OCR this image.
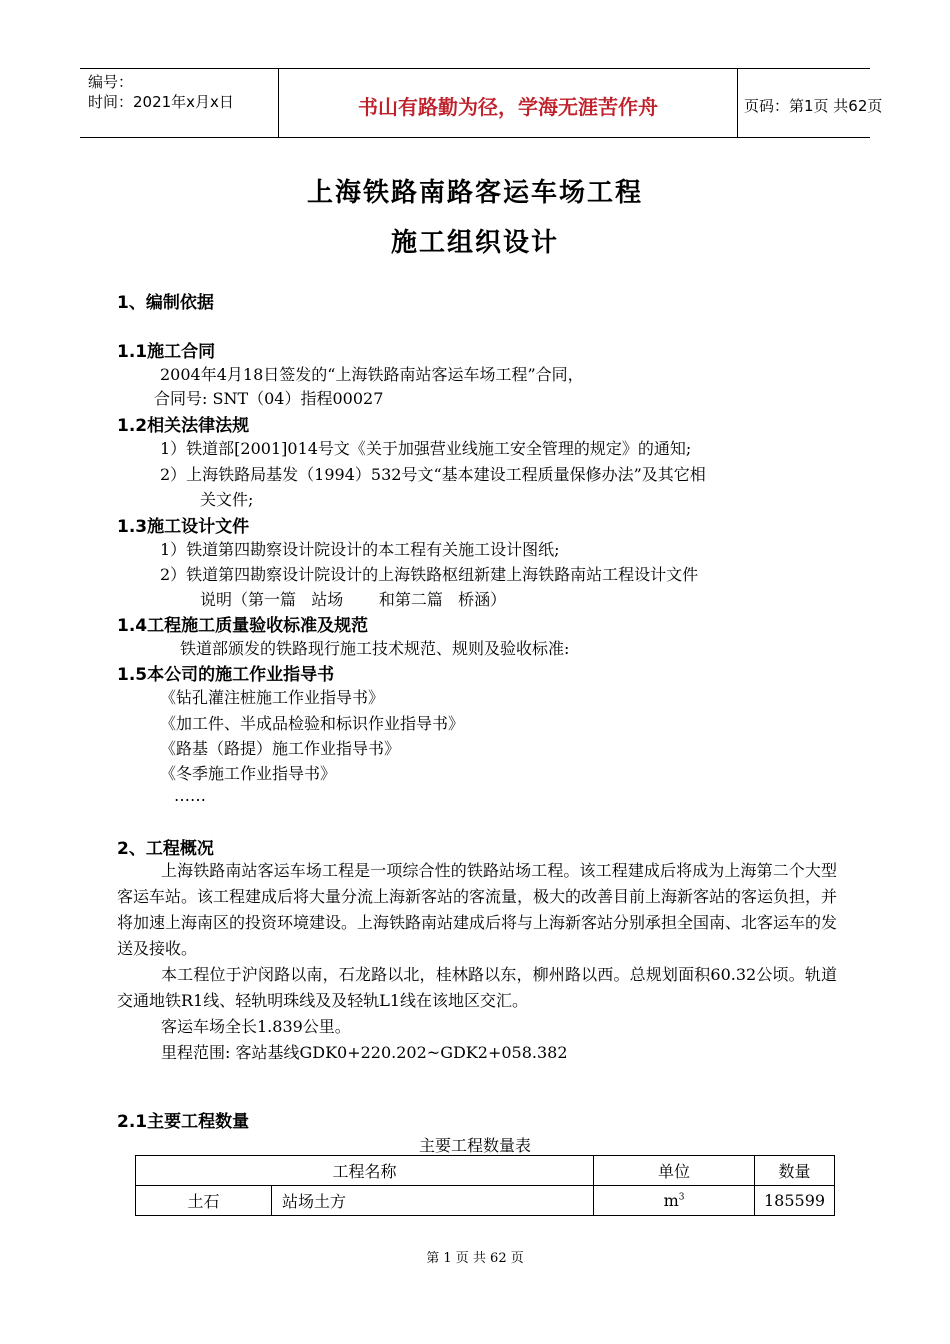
编号：
时间：2021年x月x日	书山有路勤为径，学海无涯苦作舟	页码：第1页 共62页
上海铁路南路客运车场工程
施工组织设计
1、编制依据
1.1施工合同
2004年4月18日签发的“上海铁路南站客运车场工程”合同，
合同号: SNT（04）指程00027
1.2相关法律法规
1）铁道部[2001]014号文《关于加强营业线施工安全管理的规定》的通知;
2）上海铁路局基发（1994）532号文“基本建设工程质量保修办法”及其它相
关文件;
1.3施工设计文件
1）铁道第四勘察设计院设计的本工程有关施工设计图纸;
2）铁道第四勘察设计院设计的上海铁路枢纽新建上海铁路南站工程设计文件
说明（第一篇   站场       和第二篇   桥涵）
1.4工程施工质量验收标准及规范
铁道部颁发的铁路现行施工技术规范、规则及验收标准:
1.5本公司的施工作业指导书
《钻孔灌注桩施工作业指导书》
《加工件、半成品检验和标识作业指导书》
《路基（路提）施工作业指导书》
《冬季施工作业指导书》
……
2、工程概况

上海铁路南站客运车场工程是一项综合性的铁路站场工程。该工程建成后将成为上海第二个大型客运车站。该工程建成后将大量分流上海新客站的客流量，极大的改善目前上海新客站的客运负担，并将加速上海南区的投资环境建设。上海铁路南站建成后将与上海新客站分别承担全国南、北客运车的发送及接收。

本工程位于沪闵路以南，石龙路以北，桂林路以东，柳州路以西。总规划面积60.32公顷。轨道交通地铁R1线、轻轨明珠线及及轻轨L1线在该地区交汇。

客运车场全长1.839公里。

里程范围: 客站基线GDK0+220.202~GDK2+058.382

2.1主要工程数量
主要工程数量表
工程名称		单位	数量
土石	站场土方	$m^3$	185599
第 1 页 共 62 页
